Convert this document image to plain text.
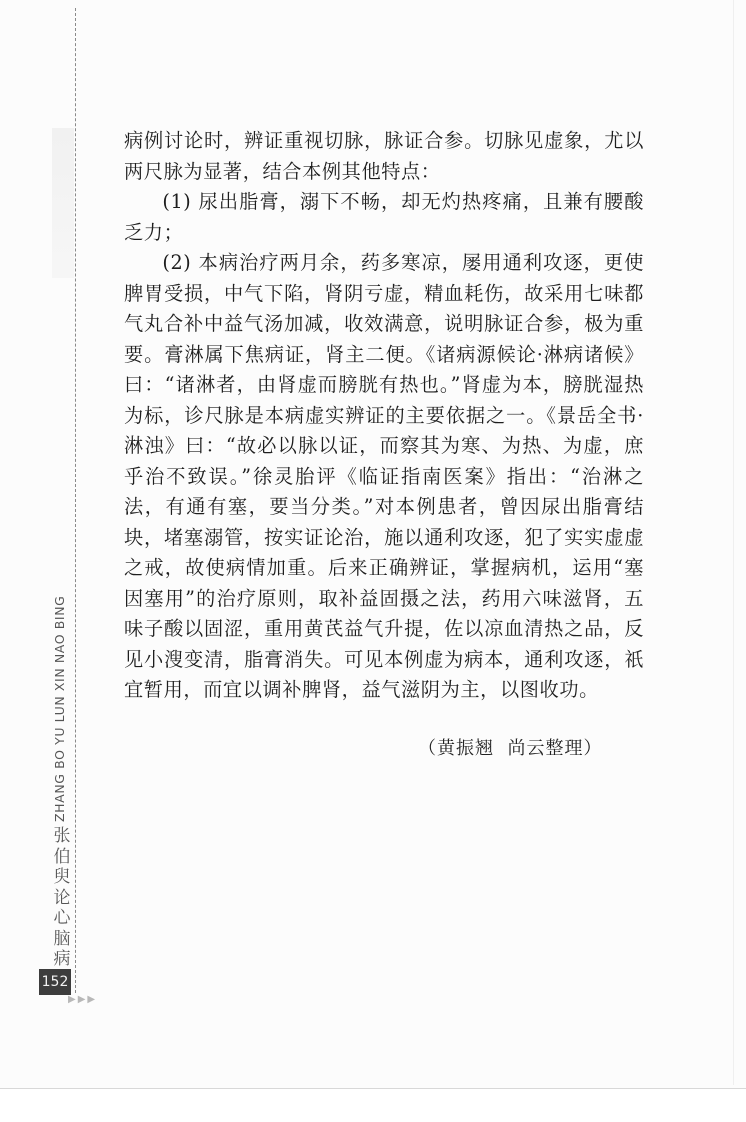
病例讨论时，辨证重视切脉，脉证合参。切脉见虚象，尤以两尺脉为显著，结合本例其他特点：

(1) 尿出脂膏，溺下不畅，却无灼热疼痛，且兼有腰酸乏力；

(2) 本病治疗两月余，药多寒凉，屡用通利攻逐，更使脾胃受损，中气下陷，肾阴亏虚，精血耗伤，故采用七味都气丸合补中益气汤加减，收效满意，说明脉证合参，极为重要。膏淋属下焦病证，肾主二便。《诸病源候论·淋病诸候》曰：“诸淋者，由肾虚而膀胱有热也。”肾虚为本，膀胱湿热为标，诊尺脉是本病虚实辨证的主要依据之一。《景岳全书·淋浊》曰：“故必以脉以证，而察其为寒、为热、为虚，庶乎治不致误。”徐灵胎评《临证指南医案》指出：“治淋之法，有通有塞，要当分类。”对本例患者，曾因尿出脂膏结块，堵塞溺管，按实证论治，施以通利攻逐，犯了实实虚虚之戒，故使病情加重。后来正确辨证，掌握病机，运用“塞因塞用”的治疗原则，取补益固摄之法，药用六味滋肾，五味子酸以固涩，重用黄芪益气升提，佐以凉血清热之品，反见小溲变清，脂膏消失。可见本例虚为病本，通利攻逐，祇宜暂用，而宜以调补脾肾，益气滋阴为主，以图收功。

（黄振翘  尚云整理）
ZHANG BO YU LUN XIN NAO BING
张伯臾论心脑病
152
▶▶▶
